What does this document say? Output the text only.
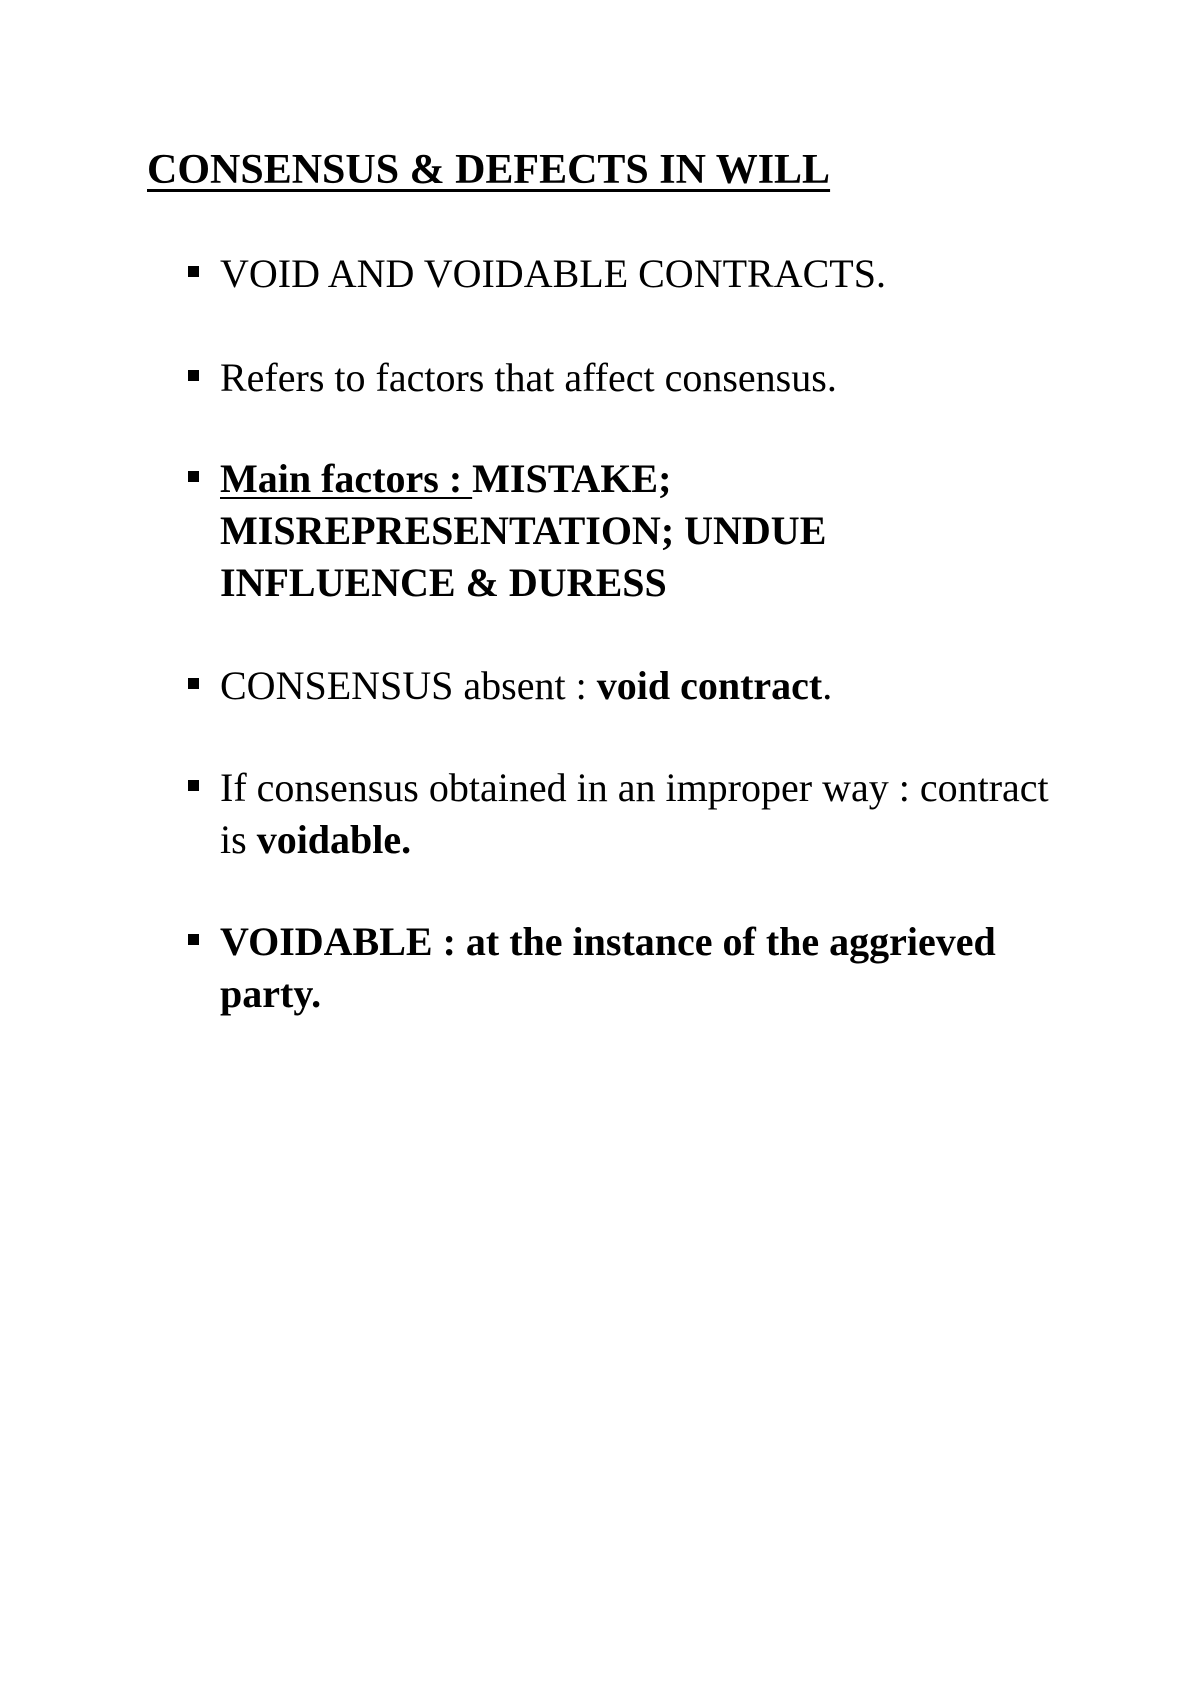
CONSENSUS & DEFECTS IN WILL
VOID AND VOIDABLE CONTRACTS.
Refers to factors that affect consensus.
Main factors : MISTAKE; MISREPRESENTATION; UNDUE INFLUENCE & DURESS
CONSENSUS absent : void contract.
If consensus obtained in an improper way : contract is voidable.
VOIDABLE : at the instance of the aggrieved party.
